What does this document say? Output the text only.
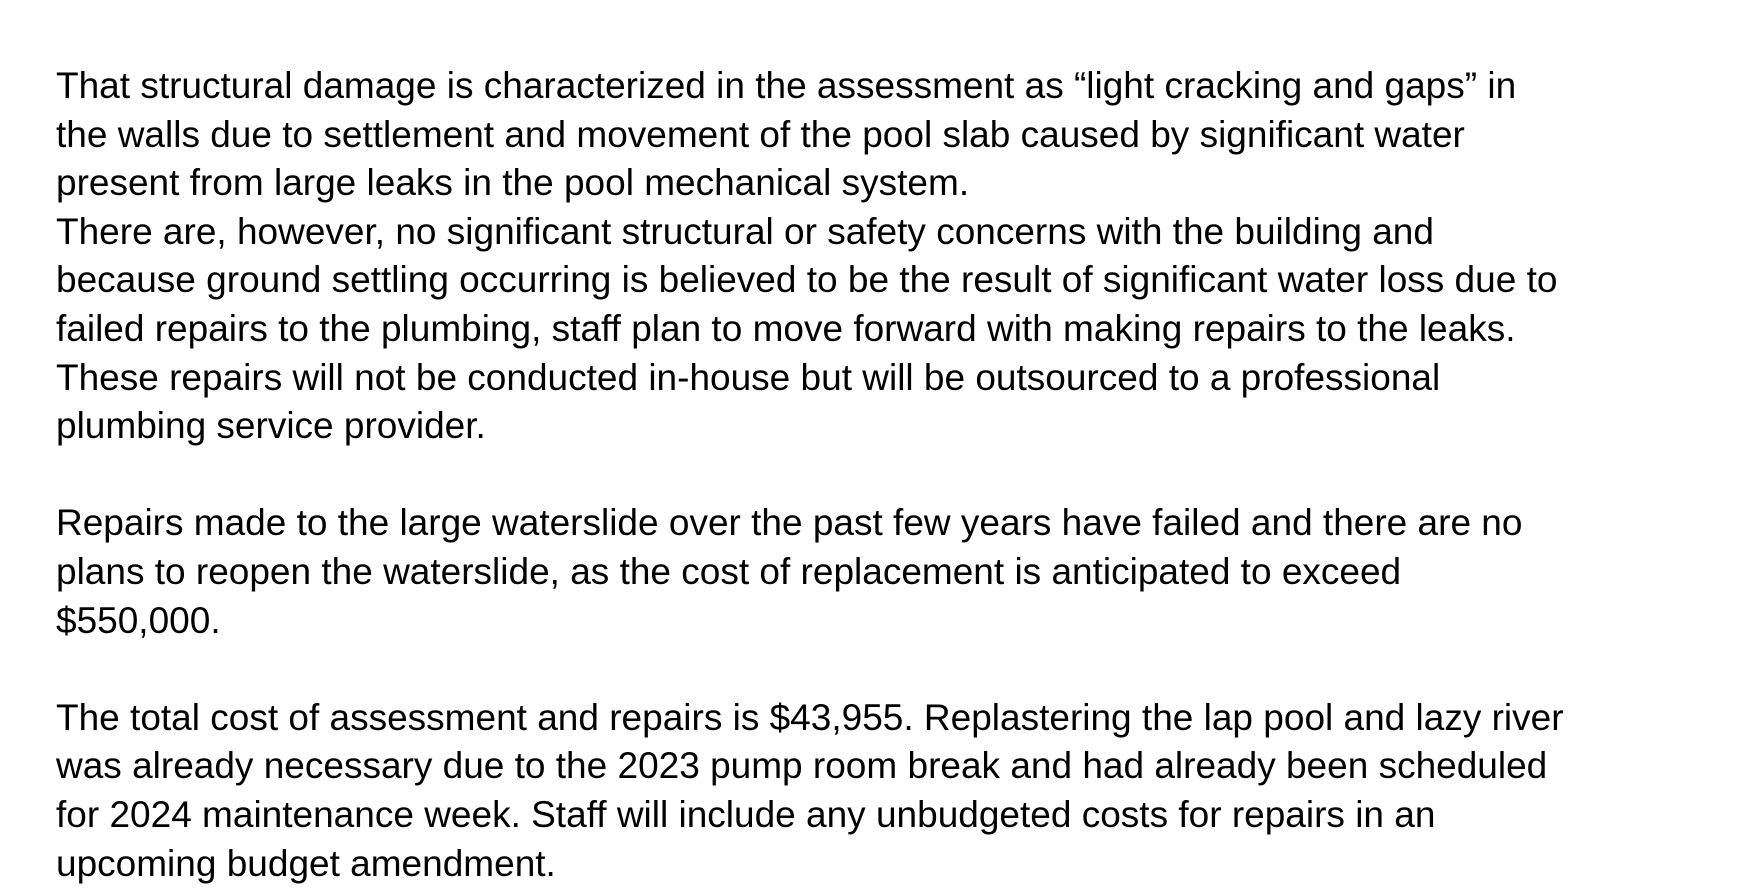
That structural damage is characterized in the assessment as “light cracking and gaps” in
the walls due to settlement and movement of the pool slab caused by significant water
present from large leaks in the pool mechanical system.
There are, however, no significant structural or safety concerns with the building and
because ground settling occurring is believed to be the result of significant water loss due to
failed repairs to the plumbing, staff plan to move forward with making repairs to the leaks.
These repairs will not be conducted in-house but will be outsourced to a professional
plumbing service provider.
Repairs made to the large waterslide over the past few years have failed and there are no
plans to reopen the waterslide, as the cost of replacement is anticipated to exceed
$550,000.
The total cost of assessment and repairs is $43,955. Replastering the lap pool and lazy river
was already necessary due to the 2023 pump room break and had already been scheduled
for 2024 maintenance week. Staff will include any unbudgeted costs for repairs in an
upcoming budget amendment.
